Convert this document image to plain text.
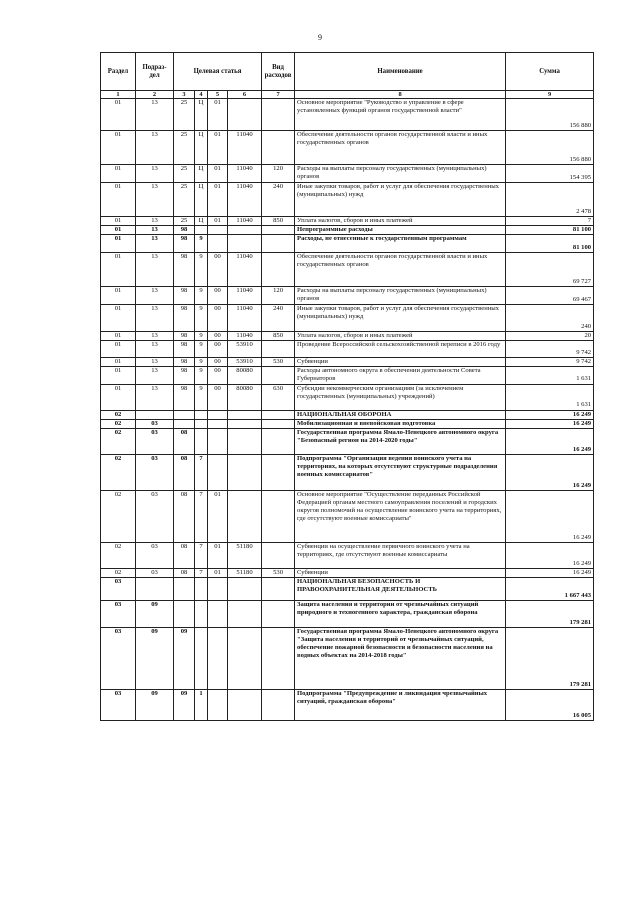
9
Раздел	Подраз-дел	Целевая статья				Вид расходов	Наименование	Сумма
1	2	3	4	5	6	7	8	9
01	13	25	Ц	01			Основное мероприятие "Руководство и управление в сфере установленных функций органов государственной власти"	156 880
01	13	25	Ц	01	11040		Обеспечение деятельности органов государственной власти и иных государственных органов	156 880
01	13	25	Ц	01	11040	120	Расходы на выплаты персоналу государственных (муниципальных) органов	154 395
01	13	25	Ц	01	11040	240	Иные закупки товаров, работ и услуг для обеспечения государственных (муниципальных) нужд	2 478
01	13	25	Ц	01	11040	850	Уплата налогов, сборов и иных платежей	7
01	13	98					Непрограммные расходы	81 100
01	13	98	9				Расходы, не отнесенные к государственным программам	81 100
01	13	98	9	00	11040		Обеспечение деятельности органов государственной власти и иных государственных органов	69 727
01	13	98	9	00	11040	120	Расходы на выплаты персоналу государственных (муниципальных) органов	69 467
01	13	98	9	00	11040	240	Иные закупки товаров, работ и услуг для обеспечения государственных (муниципальных) нужд	240
01	13	98	9	00	11040	850	Уплата налогов, сборов и иных платежей	20
01	13	98	9	00	53910		Проведение Всероссийской сельскохозяйственной переписи в 2016 году	9 742
01	13	98	9	00	53910	530	Субвенции	9 742
01	13	98	9	00	80080		Расходы автономного округа в обеспечении деятельности Совета Губернаторов	1 631
01	13	98	9	00	80080	630	Субсидии некоммерческим организациям (за исключением государственных (муниципальных) учреждений)	1 631
02							НАЦИОНАЛЬНАЯ ОБОРОНА	16 249
02	03						Мобилизационная и вневойсковая подготовка	16 249
02	03	08					Государственная программа Ямало-Ненецкого автономного округа "Безопасный регион на 2014-2020 годы"	16 249
02	03	08	7				Подпрограмма "Организация ведения воинского учета на территориях, на которых отсутствуют структурные подразделения военных комиссариатов"	16 249
02	03	08	7	01			Основное мероприятие "Осуществление переданных Российской Федерацией органам местного самоуправления поселений и городских округов полномочий на осуществление воинского учета на территориях, где отсутствуют военные комиссариаты"	16 249
02	03	08	7	01	51180		Субвенции на осуществление первичного воинского учета на территориях, где отсутствуют военные комиссариаты	16 249
02	03	08	7	01	51180	530	Субвенции	16 249
03							НАЦИОНАЛЬНАЯ БЕЗОПАСНОСТЬ И ПРАВООХРАНИТЕЛЬНАЯ ДЕЯТЕЛЬНОСТЬ	1 667 443
03	09						Защита населения и территории от чрезвычайных ситуаций природного и техногенного характера, гражданская оборона	179 281
03	09	09					Государственная программа Ямало-Ненецкого автономного округа "Защита населения и территорий от чрезвычайных ситуаций, обеспечение пожарной безопасности и безопасности населения на водных объектах на 2014-2018 годы"	179 281
03	09	09	1				Подпрограмма "Предупреждение и ликвидация чрезвычайных ситуаций, гражданская оборона"	16 005
